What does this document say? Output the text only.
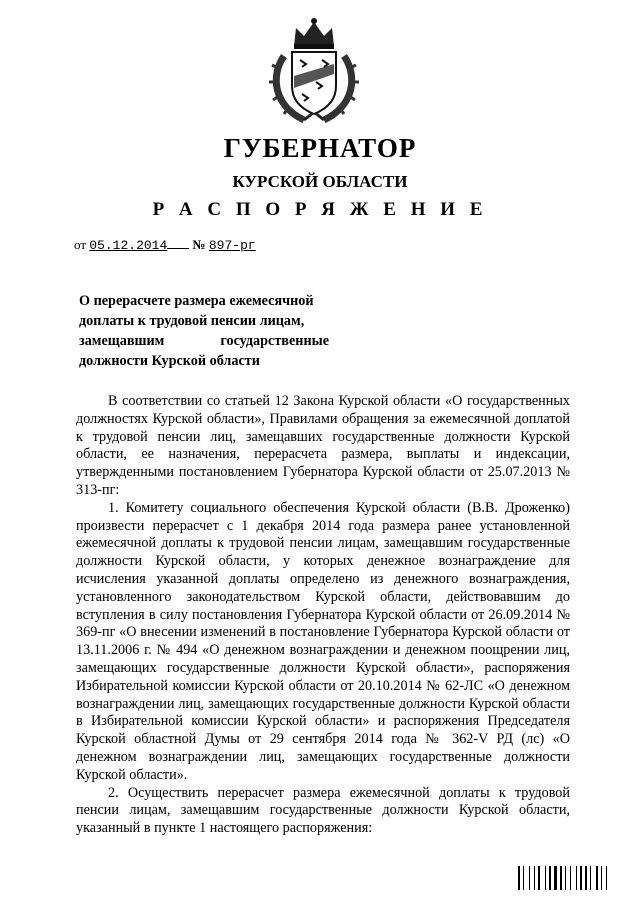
ГУБЕРНАТОР
КУРСКОЙ ОБЛАСТИ
Р А С П О Р Я Ж Е Н И Е
от 05.12.2014 № 897-рг
О перерасчете размера ежемесячной
доплаты к трудовой пенсии лицам,
замещавшим	государственные
должности Курской области

В соответствии со статьей 12 Закона Курской области «О государственных должностях Курской области», Правилами обращения за ежемесячной доплатой к трудовой пенсии лиц, замещавших государственные должности Курской области, ее назначения, перерасчета размера, выплаты и индексации, утвержденными постановлением Губернатора Курской области от 25.07.2013 № 313-пг:

1. Комитету социального обеспечения Курской области (В.В. Дроженко) произвести перерасчет с 1 декабря 2014 года размера ранее установленной ежемесячной доплаты к трудовой пенсии лицам, замещавшим государственные должности Курской области, у которых денежное вознаграждение для исчисления указанной доплаты определено из денежного вознаграждения, установленного законодательством Курской области, действовавшим до вступления в силу постановления Губернатора Курской области от 26.09.2014 № 369-пг «О внесении изменений в постановление Губернатора Курской области от 13.11.2006 г. № 494 «О денежном вознаграждении и денежном поощрении лиц, замещающих государственные должности Курской области», распоряжения Избирательной комиссии Курской области от 20.10.2014 № 62-ЛС «О денежном вознаграждении лиц, замещающих государственные должности Курской области в Избирательной комиссии Курской области» и распоряжения Председателя Курской областной Думы от 29 сентября 2014 года № 362-V РД (лс) «О денежном вознаграждении лиц, замещающих государственные должности Курской области».

2. Осуществить перерасчет размера ежемесячной доплаты к трудовой пенсии лицам, замещавшим государственные должности Курской области, указанный в пункте 1 настоящего распоряжения:
